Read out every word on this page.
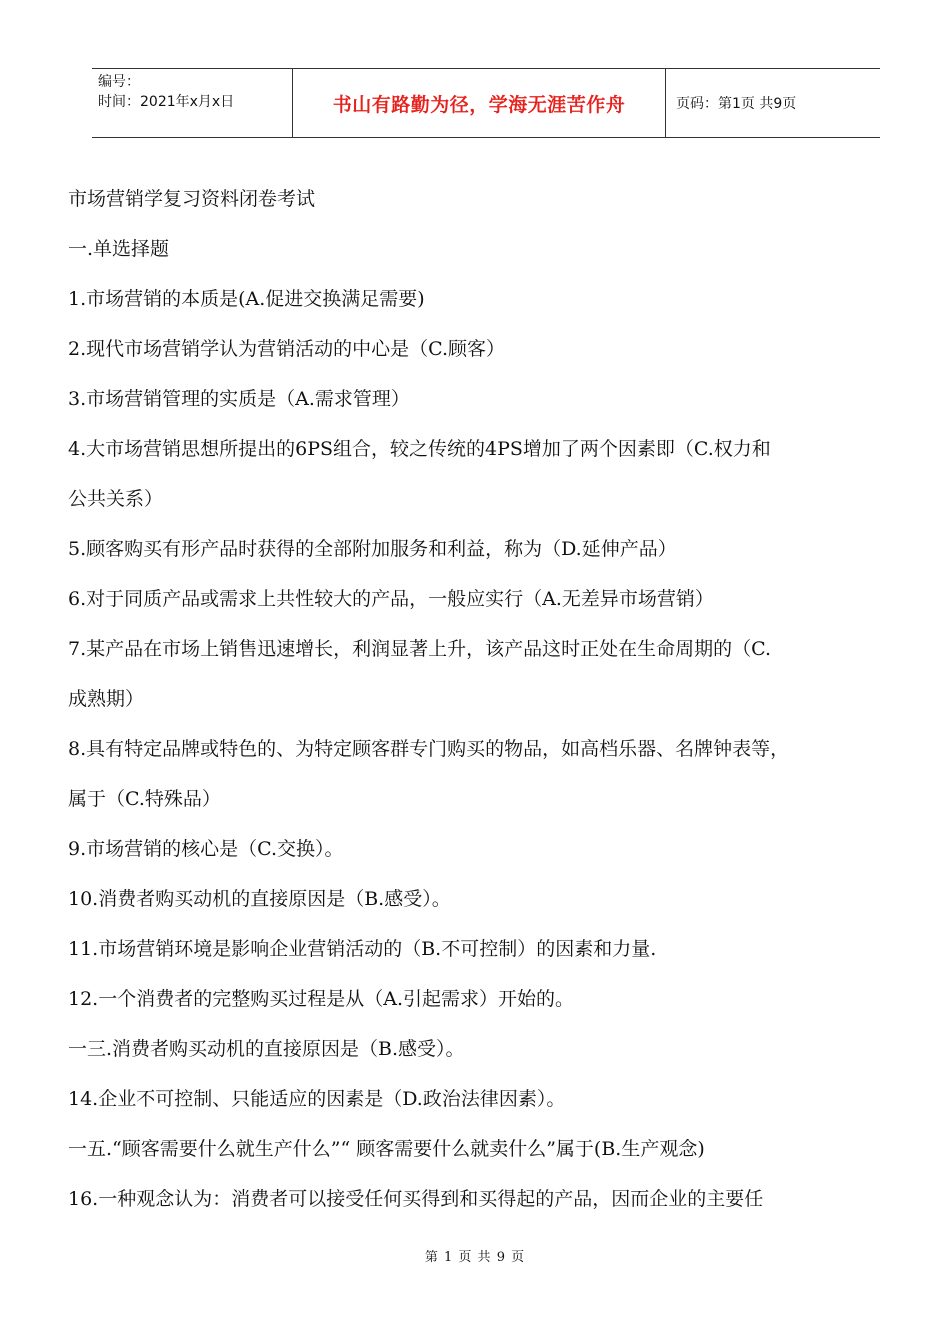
编号：
时间：2021年x月x日	书山有路勤为径，学海无涯苦作舟	页码：第1页 共9页

市场营销学复习资料闭卷考试

一.单选择题

1.市场营销的本质是(A.促进交换满足需要)

2.现代市场营销学认为营销活动的中心是（C.顾客）

3.市场营销管理的实质是（A.需求管理）

4.大市场营销思想所提出的6PS组合，较之传统的4PS增加了两个因素即（C.权力和

公共关系）

5.顾客购买有形产品时获得的全部附加服务和利益，称为（D.延伸产品）

6.对于同质产品或需求上共性较大的产品，一般应实行（A.无差异市场营销）

7.某产品在市场上销售迅速增长，利润显著上升，该产品这时正处在生命周期的（C.

成熟期）

8.具有特定品牌或特色的、为特定顾客群专门购买的物品，如高档乐器、名牌钟表等，

属于（C.特殊品）

9.市场营销的核心是（C.交换）。

10.消费者购买动机的直接原因是（B.感受）。

11.市场营销环境是影响企业营销活动的（B.不可控制）的因素和力量.

12.一个消费者的完整购买过程是从（A.引起需求）开始的。

一三.消费者购买动机的直接原因是（B.感受）。

14.企业不可控制、只能适应的因素是（D.政治法律因素）。

一五.“顾客需要什么就生产什么”“ 顾客需要什么就卖什么”属于(B.生产观念)

16.一种观念认为：消费者可以接受任何买得到和买得起的产品，因而企业的主要任

第 1 页 共 9 页
